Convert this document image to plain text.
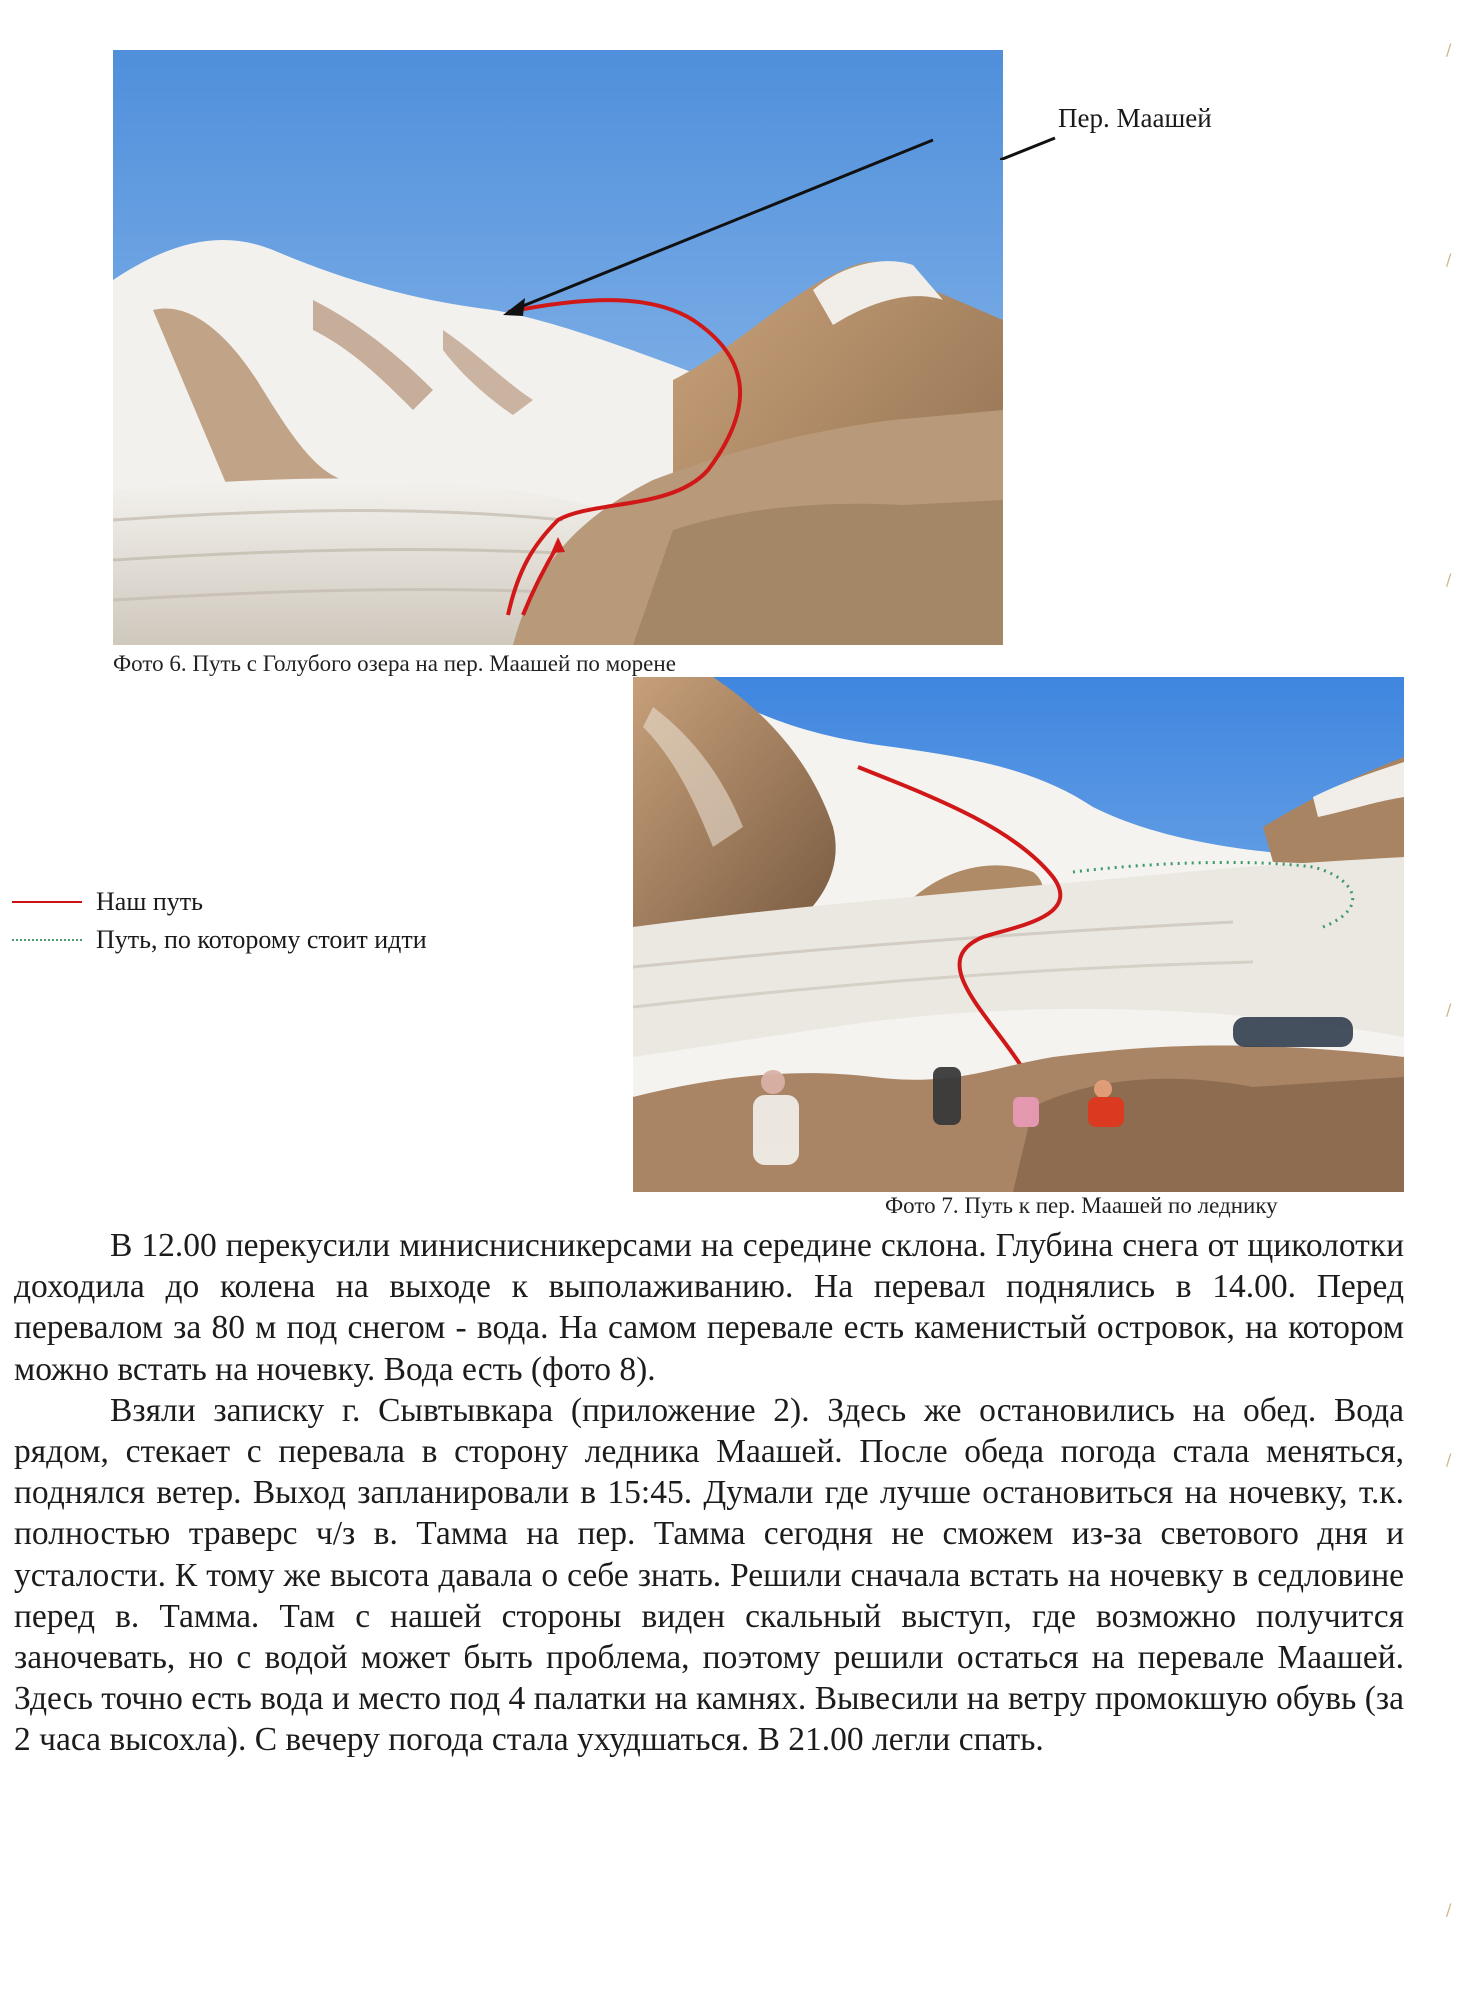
Пер. Маашей
Фото 6. Путь с Голубого озера на пер. Маашей по морене
Наш путь
Путь, по которому стоит идти
Фото 7. Путь к пер. Маашей по леднику

В 12.00 перекусили миниснисникерсами на середине склона. Глубина снега от щиколотки доходила до колена на выходе к выполаживанию. На перевал поднялись в 14.00. Перед перевалом за 80 м под снегом - вода. На самом перевале есть каменистый островок, на котором можно встать на ночевку. Вода есть (фото 8).

Взяли записку г. Сывтывкара (приложение 2). Здесь же остановились на обед. Вода рядом, стекает с перевала в сторону ледника Маашей. После обеда погода стала меняться, поднялся ветер. Выход запланировали в 15:45. Думали где лучше остановиться на ночевку, т.к. полностью траверс ч/з в. Тамма на пер. Тамма сегодня не сможем из-за светового дня и усталости. К тому же высота давала о себе знать. Решили сначала встать на ночевку в седловине перед в. Тамма. Там с нашей стороны виден скальный выступ, где возможно получится заночевать, но с водой может быть проблема, поэтому решили остаться на перевале Маашей. Здесь точно есть вода и место под 4 палатки на камнях. Вывесили на ветру промокшую обувь (за 2 часа высохла). С вечеру погода стала ухудшаться. В 21.00 легли спать.

/
/
/
/
/
/
